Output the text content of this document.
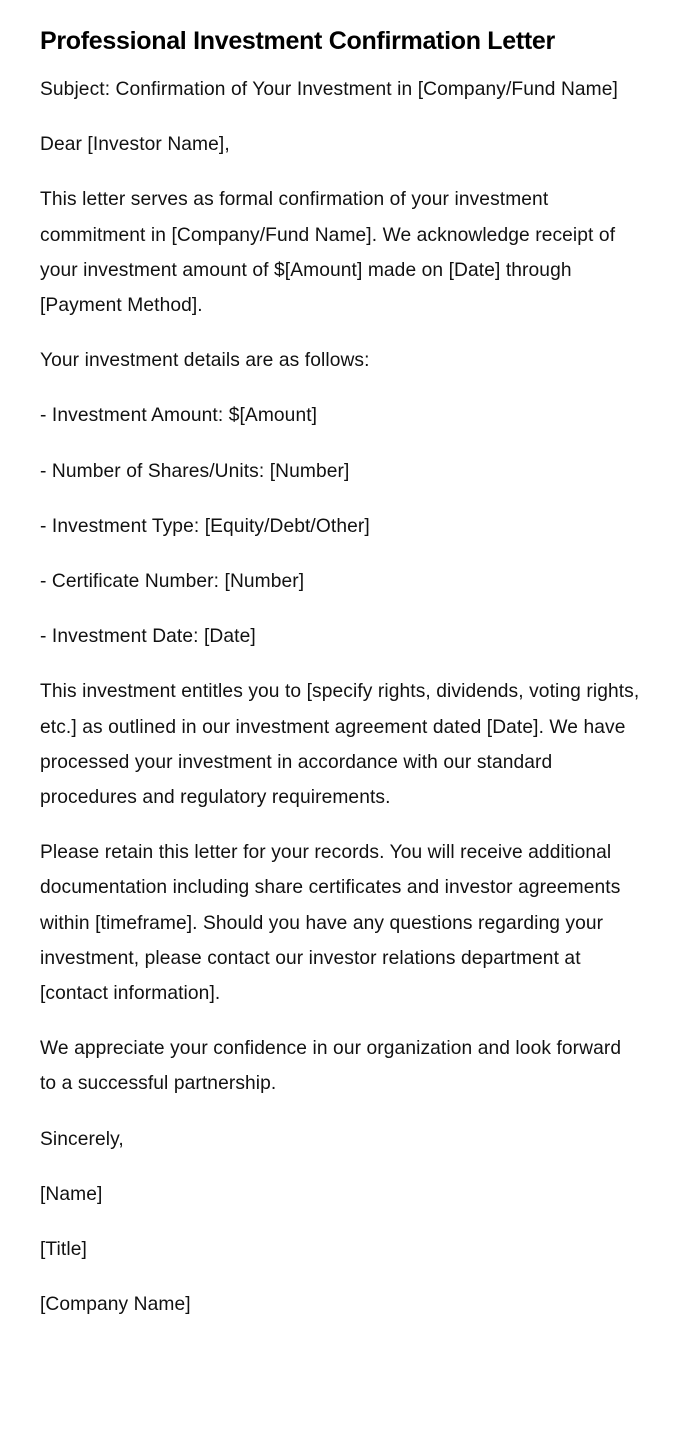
Professional Investment Confirmation Letter

Subject: Confirmation of Your Investment in [Company/Fund Name]

Dear [Investor Name],

This letter serves as formal confirmation of your investment commitment in [Company/Fund Name]. We acknowledge receipt of your investment amount of $[Amount] made on [Date] through [Payment Method].

Your investment details are as follows:

- Investment Amount: $[Amount]

- Number of Shares/Units: [Number]

- Investment Type: [Equity/Debt/Other]

- Certificate Number: [Number]

- Investment Date: [Date]

This investment entitles you to [specify rights, dividends, voting rights, etc.] as outlined in our investment agreement dated [Date]. We have processed your investment in accordance with our standard procedures and regulatory requirements.

Please retain this letter for your records. You will receive additional documentation including share certificates and investor agreements within [timeframe]. Should you have any questions regarding your investment, please contact our investor relations department at [contact information].

We appreciate your confidence in our organization and look forward to a successful partnership.

Sincerely,

[Name]

[Title]

[Company Name]
